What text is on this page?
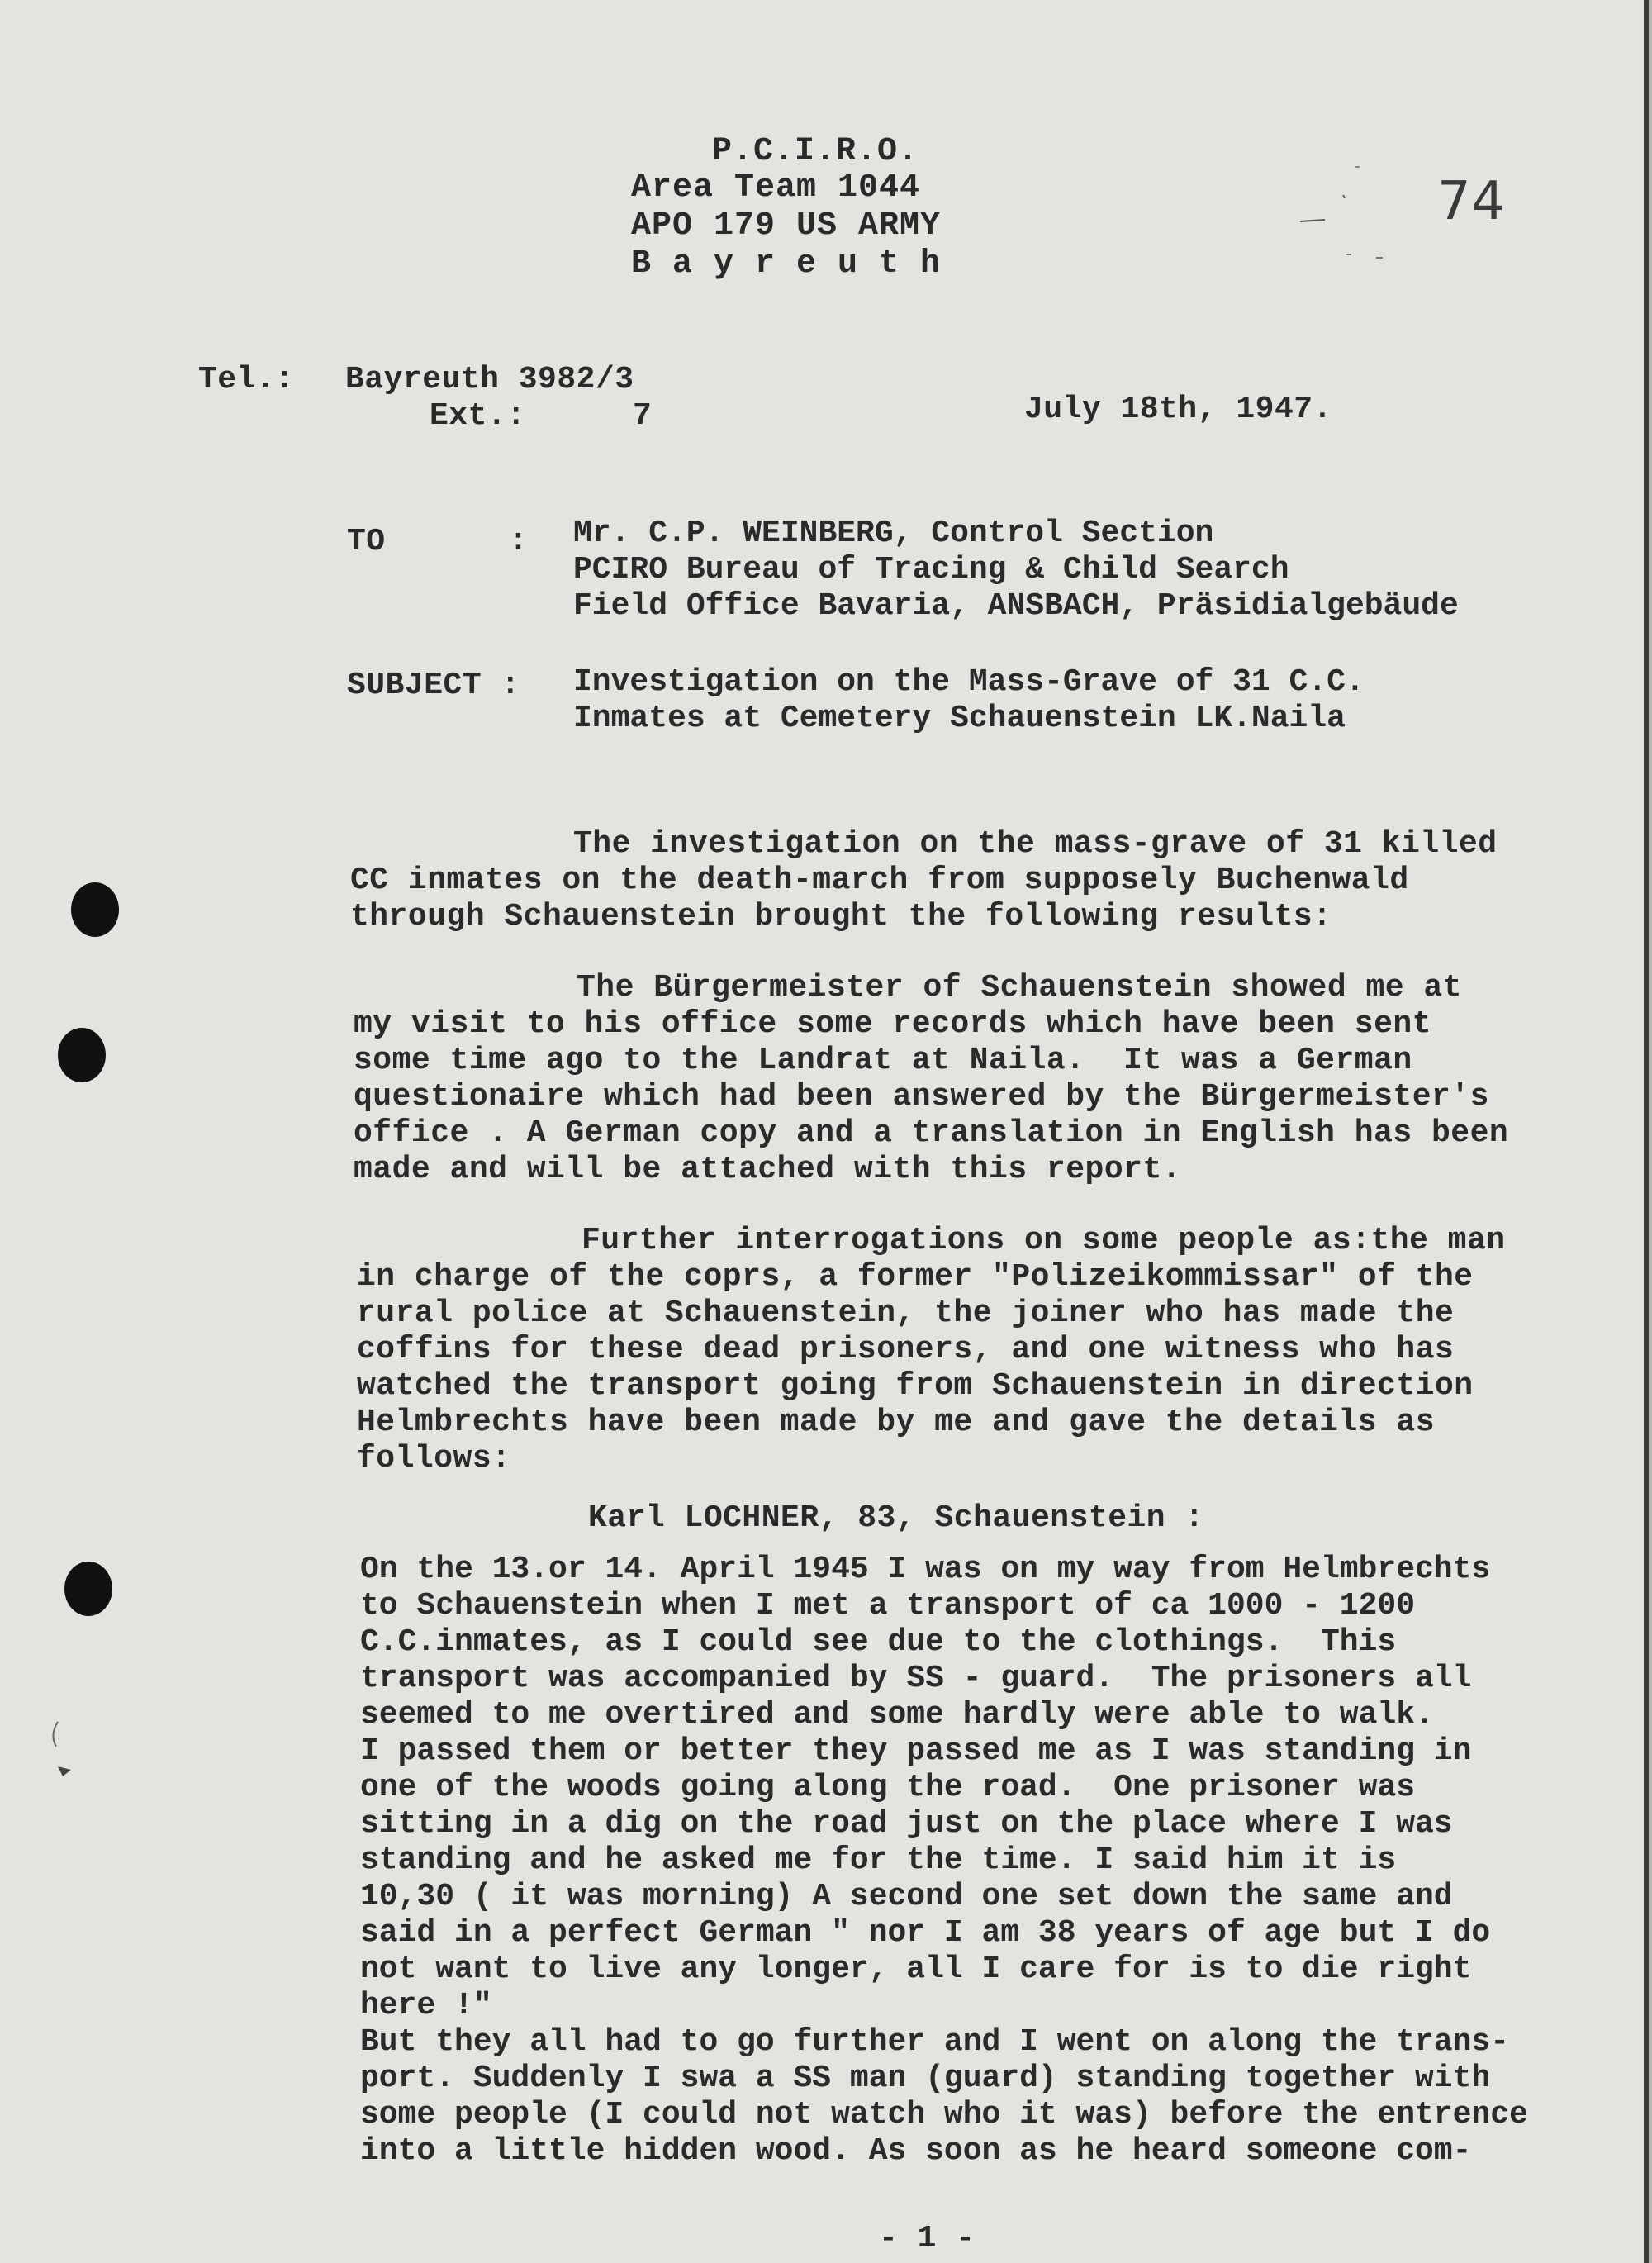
P.C.I.R.O.
Area Team 1044
APO 179 US ARMY
B a y r e u t h
74
Tel.: Bayreuth 3982/3
Ext.:	7	July 18th, 1947.
TO	: Mr. C.P. WEINBERG, Control Section
PCIRO Bureau of Tracing & Child Search
Field Office Bavaria, ANSBACH, Präsidialgebäude
SUBJECT : Investigation on the Mass-Grave of 31 C.C.
Inmates at Cemetery Schauenstein LK.Naila
The investigation on the mass-grave of 31 killed
CC inmates on the death-march from supposely Buchenwald
through Schauenstein brought the following results:
The Bürgermeister of Schauenstein showed me at
my visit to his office some records which have been sent
some time ago to the Landrat at Naila.  It was a German
questionaire which had been answered by the Bürgermeister's
office . A German copy and a translation in English has been
made and will be attached with this report.
Further interrogations on some people as:the man
in charge of the coprs, a former "Polizeikommissar" of the
rural police at Schauenstein, the joiner who has made the
coffins for these dead prisoners, and one witness who has
watched the transport going from Schauenstein in direction
Helmbrechts have been made by me and gave the details as
follows:
Karl LOCHNER, 83, Schauenstein :
On the 13.or 14. April 1945 I was on my way from Helmbrechts
to Schauenstein when I met a transport of ca 1000 - 1200
C.C.inmates, as I could see due to the clothings.  This
transport was accompanied by SS - guard.  The prisoners all
seemed to me overtired and some hardly were able to walk.
I passed them or better they passed me as I was standing in
one of the woods going along the road.  One prisoner was
sitting in a dig on the road just on the place where I was
standing and he asked me for the time. I said him it is
10,30 ( it was morning) A second one set down the same and
said in a perfect German " nor I am 38 years of age but I do
not want to live any longer, all I care for is to die right
here !"
But they all had to go further and I went on along the trans-
port. Suddenly I swa a SS man (guard) standing together with
some people (I could not watch who it was) before the entrence
into a little hidden wood. As soon as he heard someone com-
- 1 -
